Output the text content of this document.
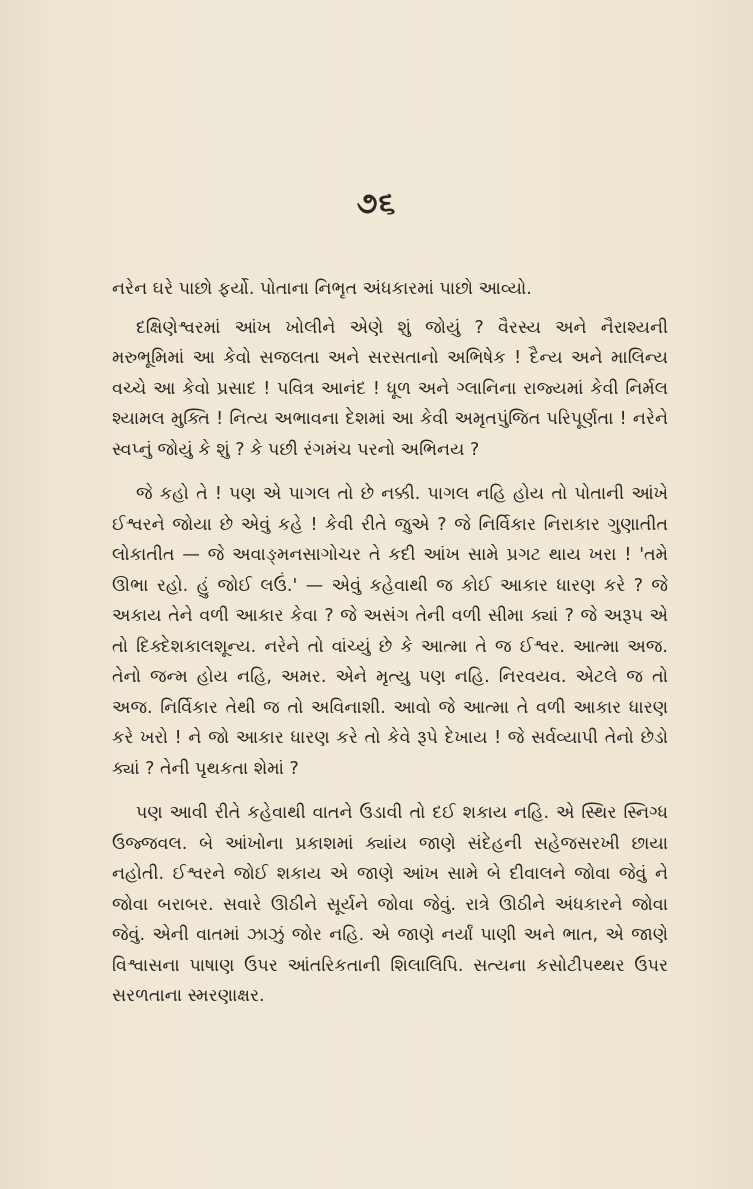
૭૬

નરેન ઘરે પાછો ફર્યો. પોતાના નિભૃત અંધકારમાં પાછો આવ્યો.

દક્ષિણેશ્વરમાં આંખ ખોલીને એણે શું જોયું ? વૈરસ્ય અને નૈરાશ્યની મરુભૂમિમાં આ કેવો સજલતા અને સરસતાનો અભિષેક ! દૈન્ય અને માલિન્ય વચ્ચે આ કેવો પ્રસાદ ! પવિત્ર આનંદ ! ધૂળ અને ગ્લાનિના રાજ્યમાં કેવી નિર્મલ શ્યામલ મુક્તિ ! નિત્ય અભાવના દેશમાં આ કેવી અમૃતપુંજિત પરિપૂર્ણતા ! નરેને સ્વપ્નું જોયું કે શું ? કે પછી રંગમંચ પરનો અભિનય ?

જે કહો તે ! પણ એ પાગલ તો છે નક્કી. પાગલ નહિ હોય તો પોતાની આંખે ઈશ્વરને જોયા છે એવું કહે ! કેવી રીતે જુએ ? જે નિર્વિકાર નિરાકાર ગુણાતીત લોકાતીત — જે અવાઙ્મનસાગોચર તે કદી આંખ સામે પ્રગટ થાય ખરા ! 'તમે ઊભા રહો. હું જોઈ લઉં.' — એવું કહેવાથી જ કોઈ આકાર ધારણ કરે ? જે અકાય તેને વળી આકાર કેવા ? જે અસંગ તેની વળી સીમા ક્યાં ? જે અરૂપ એ તો દિક્દેશકાલશૂન્ય. નરેને તો વાંચ્યું છે કે આત્મા તે જ ઈશ્વર. આત્મા અજ. તેનો જન્મ હોય નહિ, અમર. એને મૃત્યુ પણ નહિ. નિરવયવ. એટલે જ તો અજ. નિર્વિકાર તેથી જ તો અવિનાશી. આવો જે આત્મા તે વળી આકાર ધારણ કરે ખરો ! ને જો આકાર ધારણ કરે તો કેવે રૂપે દેખાય ! જે સર્વવ્યાપી તેનો છેડો ક્યાં ? તેની પૃથકતા શેમાં ?

પણ આવી રીતે કહેવાથી વાતને ઉડાવી તો દઈ શકાય નહિ. એ સ્થિર સ્નિગ્ધ ઉજ્જવલ. બે આંખોના પ્રકાશમાં ક્યાંય જાણે સંદેહની સહેજસરખી છાયા નહોતી. ઈશ્વરને જોઈ શકાય એ જાણે આંખ સામે બે દીવાલને જોવા જેવું ને જોવા બરાબર. સવારે ઊઠીને સૂર્યને જોવા જેવું. રાત્રે ઊઠીને અંધકારને જોવા જેવું. એની વાતમાં ઝાઝું જોર નહિ. એ જાણે નર્યાં પાણી અને ભાત, એ જાણે વિશ્વાસના પાષાણ ઉપર આંતરિકતાની શિલાલિપિ. સત્યના કસોટીપથ્થર ઉપર સરળતાના સ્મરણાક્ષર.
